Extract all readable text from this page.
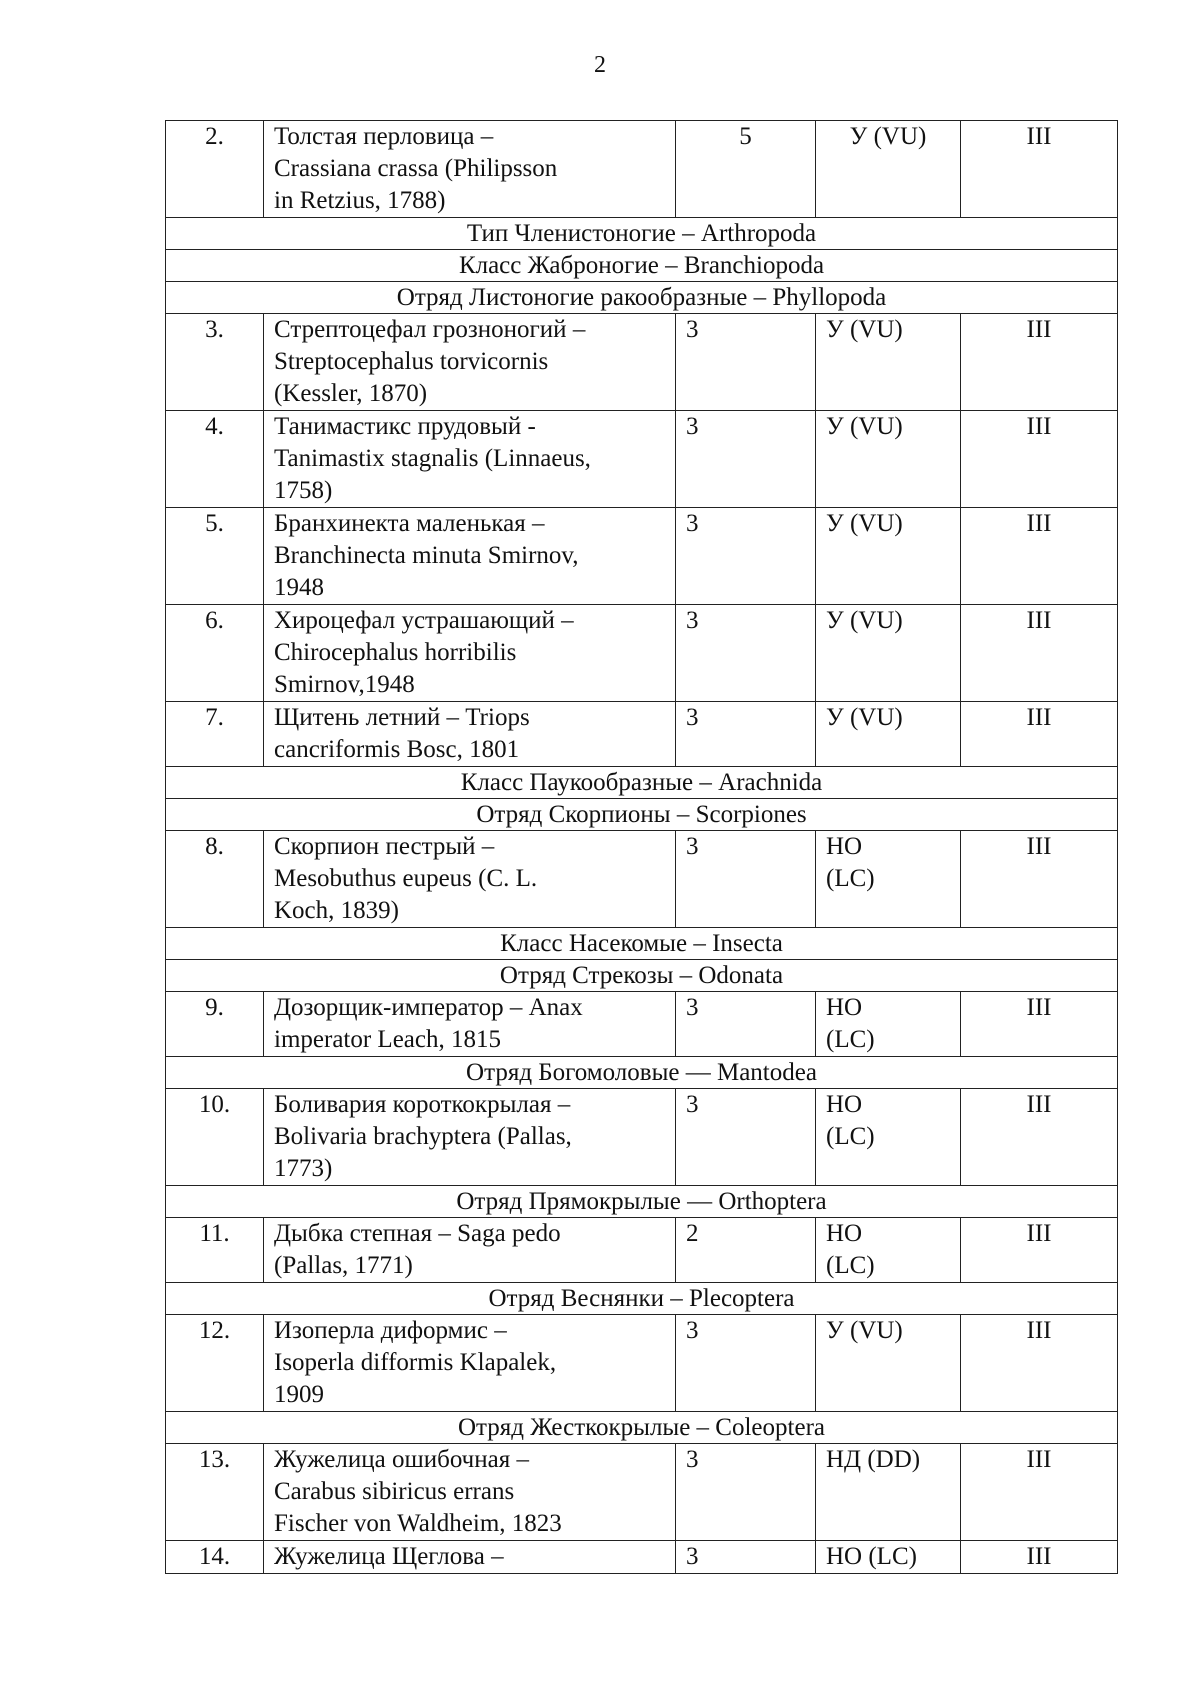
2
2.	Толстая перловица –
Crassiana crassa (Philipsson
in Retzius, 1788)	5	У (VU)	III
Тип Членистоногие – Arthropoda				
Класс Жаброногие – Branchiopoda				
Отряд Листоногие ракообразные – Phyllopoda				
3.	Стрептоцефал грозноногий –
Streptocephalus torvicornis
(Kessler, 1870)	3	У (VU)	III
4.	Танимастикс прудовый -
Tanimastix stagnalis (Linnaeus,
1758)	3	У (VU)	III
5.	Бранхинекта маленькая –
Branchinecta minuta Smirnov,
1948	3	У (VU)	III
6.	Хироцефал устрашающий –
Chirocephalus horribilis
Smirnov,1948	3	У (VU)	III
7.	Щитень летний – Triops
cancriformis Bosc, 1801	3	У (VU)	III
Класс Паукообразные – Arachnida				
Отряд Скорпионы – Scorpiones				
8.	Скорпион пестрый –
Mesobuthus eupeus (C. L.
Koch, 1839)	3	НО
(LC)	III
Класс Насекомые – Insecta				
Отряд Стрекозы – Odonata				
9.	Дозорщик-император – Anax
imperator Leach, 1815	3	НО
(LC)	III
Отряд Богомоловые — Mantodea				
10.	Боливария короткокрылая –
Bolivaria brachyptera (Pallas,
1773)	3	НО
(LC)	III
Отряд Прямокрылые — Orthoptera				
11.	Дыбка степная – Saga pedo
(Pallas, 1771)	2	НО
(LC)	III
Отряд Веснянки – Plecoptera				
12.	Изоперла диформис –
Isoperla difformis Klapalek,
1909	3	У (VU)	III
Отряд Жесткокрылые – Coleoptera				
13.	Жужелица ошибочная –
Carabus sibiricus errans
Fischer von Waldheim, 1823	3	НД (DD)	III
14.	Жужелица Щеглова –	3	НО (LC)	III
